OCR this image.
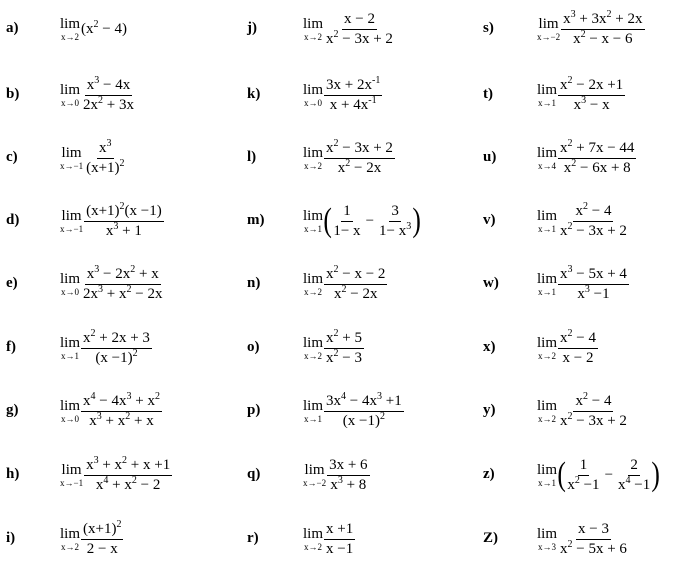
a)	lim
x→2 $(x^2 - 4)$
b)	lim
$x\to 0 \frac{x^3 - 4x}{2x^2 + 3x}$
c)	lim
$x\to-1 \frac{x^3}{(x+1)^2}$
d)	lim
$x\to-1 \frac{(x+1)^2(x -1)}{x^3 + 1}$
e)	lim
$x\to 0 \frac{x^3 - 2x^2 + x}{2x^3 + x^2 - 2x}$
f)	lim
$x\to 1 \frac{x^2 + 2x + 3}{(x -1)^2}$
g)	lim
$x\to 0 \frac{x^4 - 4x^3 + x^2}{x^3 + x^2 + x}$
h)	lim
$x\to-1 \frac{x^3 + x^2 + x +1}{x^4 + x^2 - 2}$
i)	lim
$x\to 2 \frac{(x+1)^2}{2 - x}$
j)	lim
$x\to 2 \frac{x - 2}{x^2 - 3x + 2}$
k)	lim
$x\to 0 \frac{3x + 2x^{-1}}{x + 4x^{-1}}$
l)	lim
$x\to 2 \frac{x^2 - 3x + 2}{x^2 - 2x}$
m)	lim
x→1 ( $\frac{1}{1- x} - \frac{3}{1- x^3}$ )
n)	lim
$x\to 2 \frac{x^2 - x - 2}{x^2 - 2x}$
o)	lim
$x\to 2 \frac{x^2 + 5}{x^2 - 3}$
p)	lim
$x\to 1 \frac{3x^4 - 4x^3 +1}{(x -1)^2}$
q)	lim
$x\to-2 \frac{3x + 6}{x^3 + 8}$
r)	lim
$x\to 2 \frac{x +1}{x -1}$
s)	lim
$x\to-2 \frac{x^3 + 3x^2 + 2x}{x^2 - x - 6}$
t)	lim
$x\to 1 \frac{x^2 - 2x +1}{x^3 - x}$
u)	lim
$x\to 4 \frac{x^2 + 7x - 44}{x^2 - 6x + 8}$
v)	lim
$x\to 1 \frac{x^2 - 4}{x^2 - 3x + 2}$
w)	lim
$x\to 1 \frac{x^3 - 5x + 4}{x^3 -1}$
x)	lim
$x\to 2 \frac{x^2 - 4}{x - 2}$
y)	lim
$x\to 2 \frac{x^2 - 4}{x^2 - 3x + 2}$
z)	lim
x→1 ( $\frac{1}{x^2 -1} - \frac{2}{x^4 -1}$ )
Z)	lim
$x\to 3 \frac{x - 3}{x^2 - 5x + 6}$
